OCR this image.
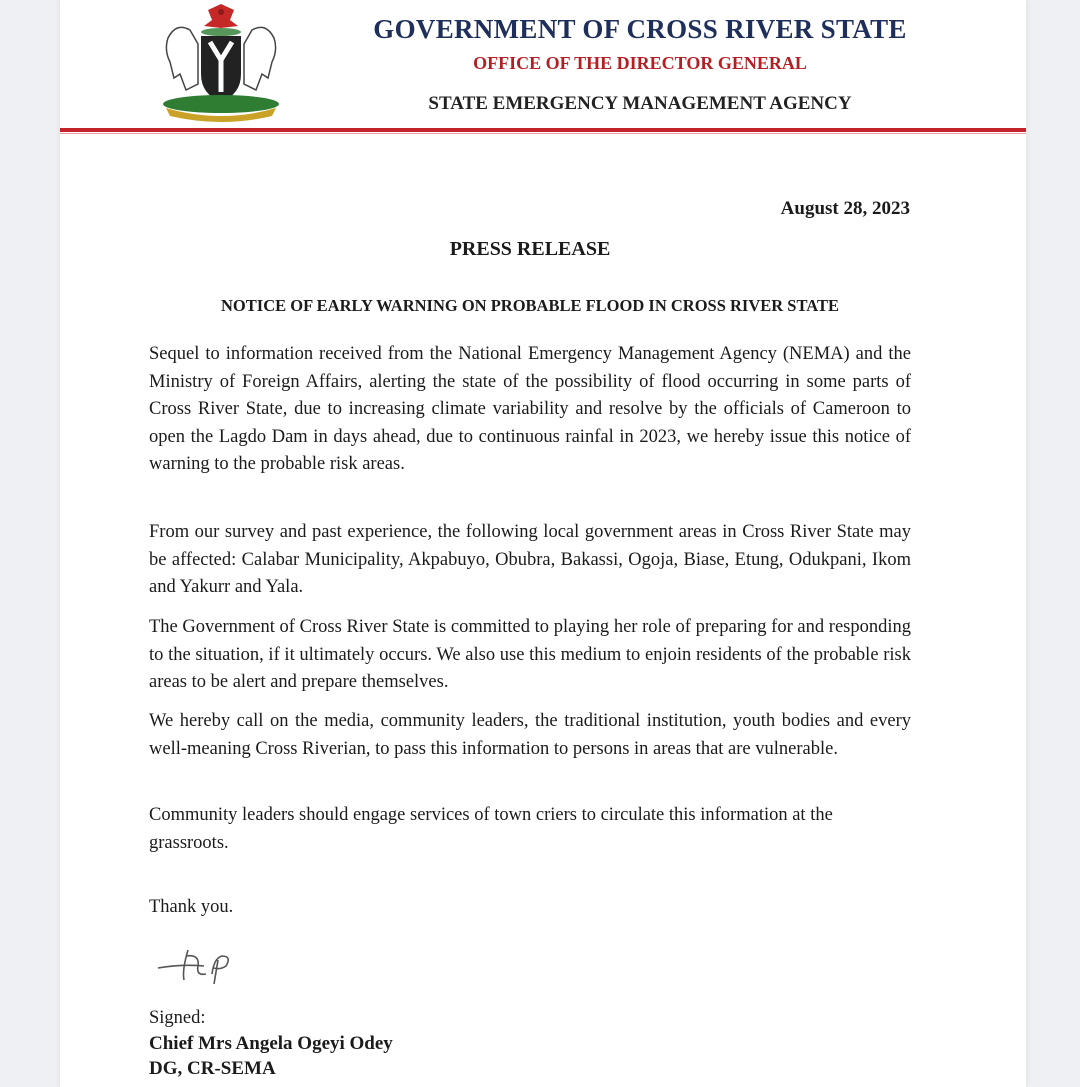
GOVERNMENT OF CROSS RIVER STATE
OFFICE OF THE DIRECTOR GENERAL
STATE EMERGENCY MANAGEMENT AGENCY
August 28, 2023
PRESS RELEASE
NOTICE OF EARLY WARNING ON PROBABLE FLOOD IN CROSS RIVER STATE
Sequel to information received from the National Emergency Management Agency (NEMA) and the Ministry of Foreign Affairs, alerting the state of the possibility of flood occurring in some parts of Cross River State, due to increasing climate variability and resolve by the officials of Cameroon to open the Lagdo Dam in days ahead, due to continuous rainfal in 2023, we hereby issue this notice of warning to the probable risk areas.
From our survey and past experience, the following local government areas in Cross River State may be affected: Calabar Municipality, Akpabuyo, Obubra, Bakassi, Ogoja, Biase, Etung, Odukpani, Ikom and Yakurr and Yala.
The Government of Cross River State is committed to playing her role of preparing for and responding to the situation, if it ultimately occurs. We also use this medium to enjoin residents of the probable risk areas to be alert and prepare themselves.
We hereby call on the media, community leaders, the traditional institution, youth bodies and every well-meaning Cross Riverian, to pass this information to persons in areas that are vulnerable.
Community leaders should engage services of town criers to circulate this information at the grassroots.
Thank you.
Signed:
Chief Mrs Angela Ogeyi Odey
DG, CR-SEMA
